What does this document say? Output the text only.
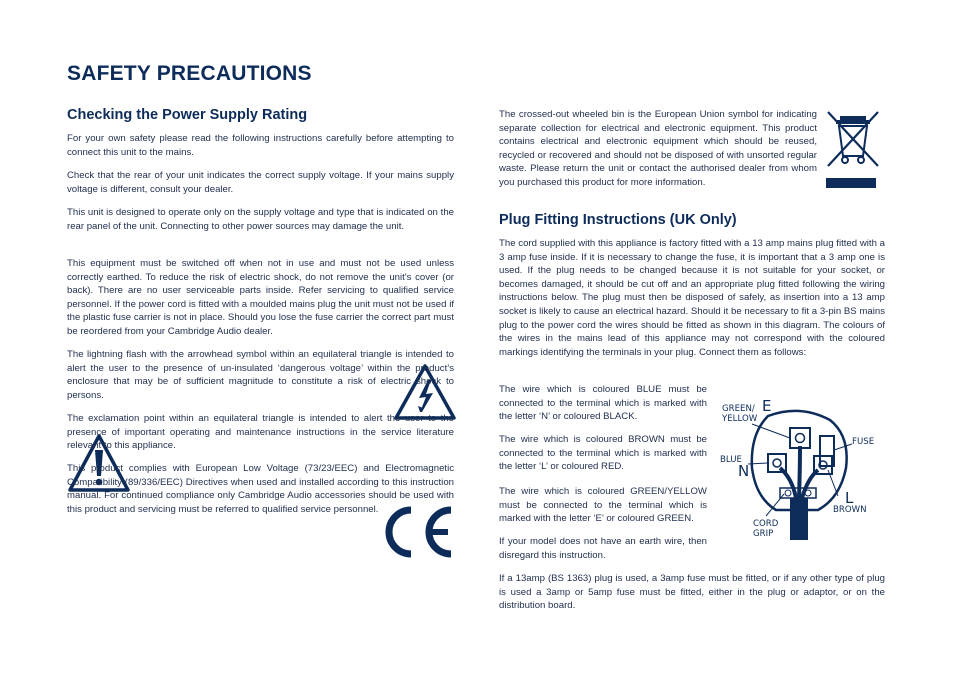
SAFETY PRECAUTIONS
Checking the Power Supply Rating

For your own safety please read the following instructions carefully before attempting to connect this unit to the mains.

Check that the rear of your unit indicates the correct supply voltage. If your mains supply voltage is different, consult your dealer.

This unit is designed to operate only on the supply voltage and type that is indicated on the rear panel of the unit. Connecting to other power sources may damage the unit.

This equipment must be switched off when not in use and must not be used unless correctly earthed. To reduce the risk of electric shock, do not remove the unit's cover (or back). There are no user serviceable parts inside. Refer servicing to qualified service personnel. If the power cord is fitted with a moulded mains plug the unit must not be used if the plastic fuse carrier is not in place. Should you lose the fuse carrier the correct part must be reordered from your Cambridge Audio dealer.

The lightning flash with the arrowhead symbol within an equilateral triangle is intended to alert the user to the presence of un-insulated ‘dangerous voltage’ within the product’s enclosure that may be of sufficient magnitude to constitute a risk of electric shock to persons.

The exclamation point within an equilateral triangle is intended to alert the user to the presence of important operating and maintenance instructions in the service literature relevant to this appliance.

This product complies with European Low Voltage (73/23/EEC) and Electromagnetic Compatibility (89/336/EEC) Directives when used and installed according to this instruction manual. For continued compliance only Cambridge Audio accessories should be used with this product and servicing must be referred to qualified service personnel.

The crossed-out wheeled bin is the European Union symbol for indicating separate collection for electrical and electronic equipment. This product contains electrical and electronic equipment which should be reused, recycled or recovered and should not be disposed of with unsorted regular waste. Please return the unit or contact the authorised dealer from whom you purchased this product for more information.

Plug Fitting Instructions (UK Only)

The cord supplied with this appliance is factory fitted with a 13 amp mains plug fitted with a 3 amp fuse inside. If it is necessary to change the fuse, it is important that a 3 amp one is used. If the plug needs to be changed because it is not suitable for your socket, or becomes damaged, it should be cut off and an appropriate plug fitted following the wiring instructions below. The plug must then be disposed of safely, as insertion into a 13 amp socket is likely to cause an electrical hazard. Should it be necessary to fit a 3-pin BS mains plug to the power cord the wires should be fitted as shown in this diagram. The colours of the wires in the mains lead of this appliance may not correspond with the coloured markings identifying the terminals in your plug. Connect them as follows:

The wire which is coloured BLUE must be connected to the terminal which is marked with the letter ‘N’ or coloured BLACK.

The wire which is coloured BROWN must be connected to the terminal which is marked with the letter ‘L’ or coloured RED.

The wire which is coloured GREEN/YELLOW must be connected to the terminal which is marked with the letter ‘E’ or coloured GREEN.

If your model does not have an earth wire, then disregard this instruction.

If a 13amp (BS 1363) plug is used, a 3amp fuse must be fitted, or if any other type of plug is used a 3amp or 5amp fuse must be fitted, either in the plug or adaptor, or on the distribution board.

GREEN/ YELLOW
E
FUSE
BLUE
N
L
BROWN
CORD GRIP
